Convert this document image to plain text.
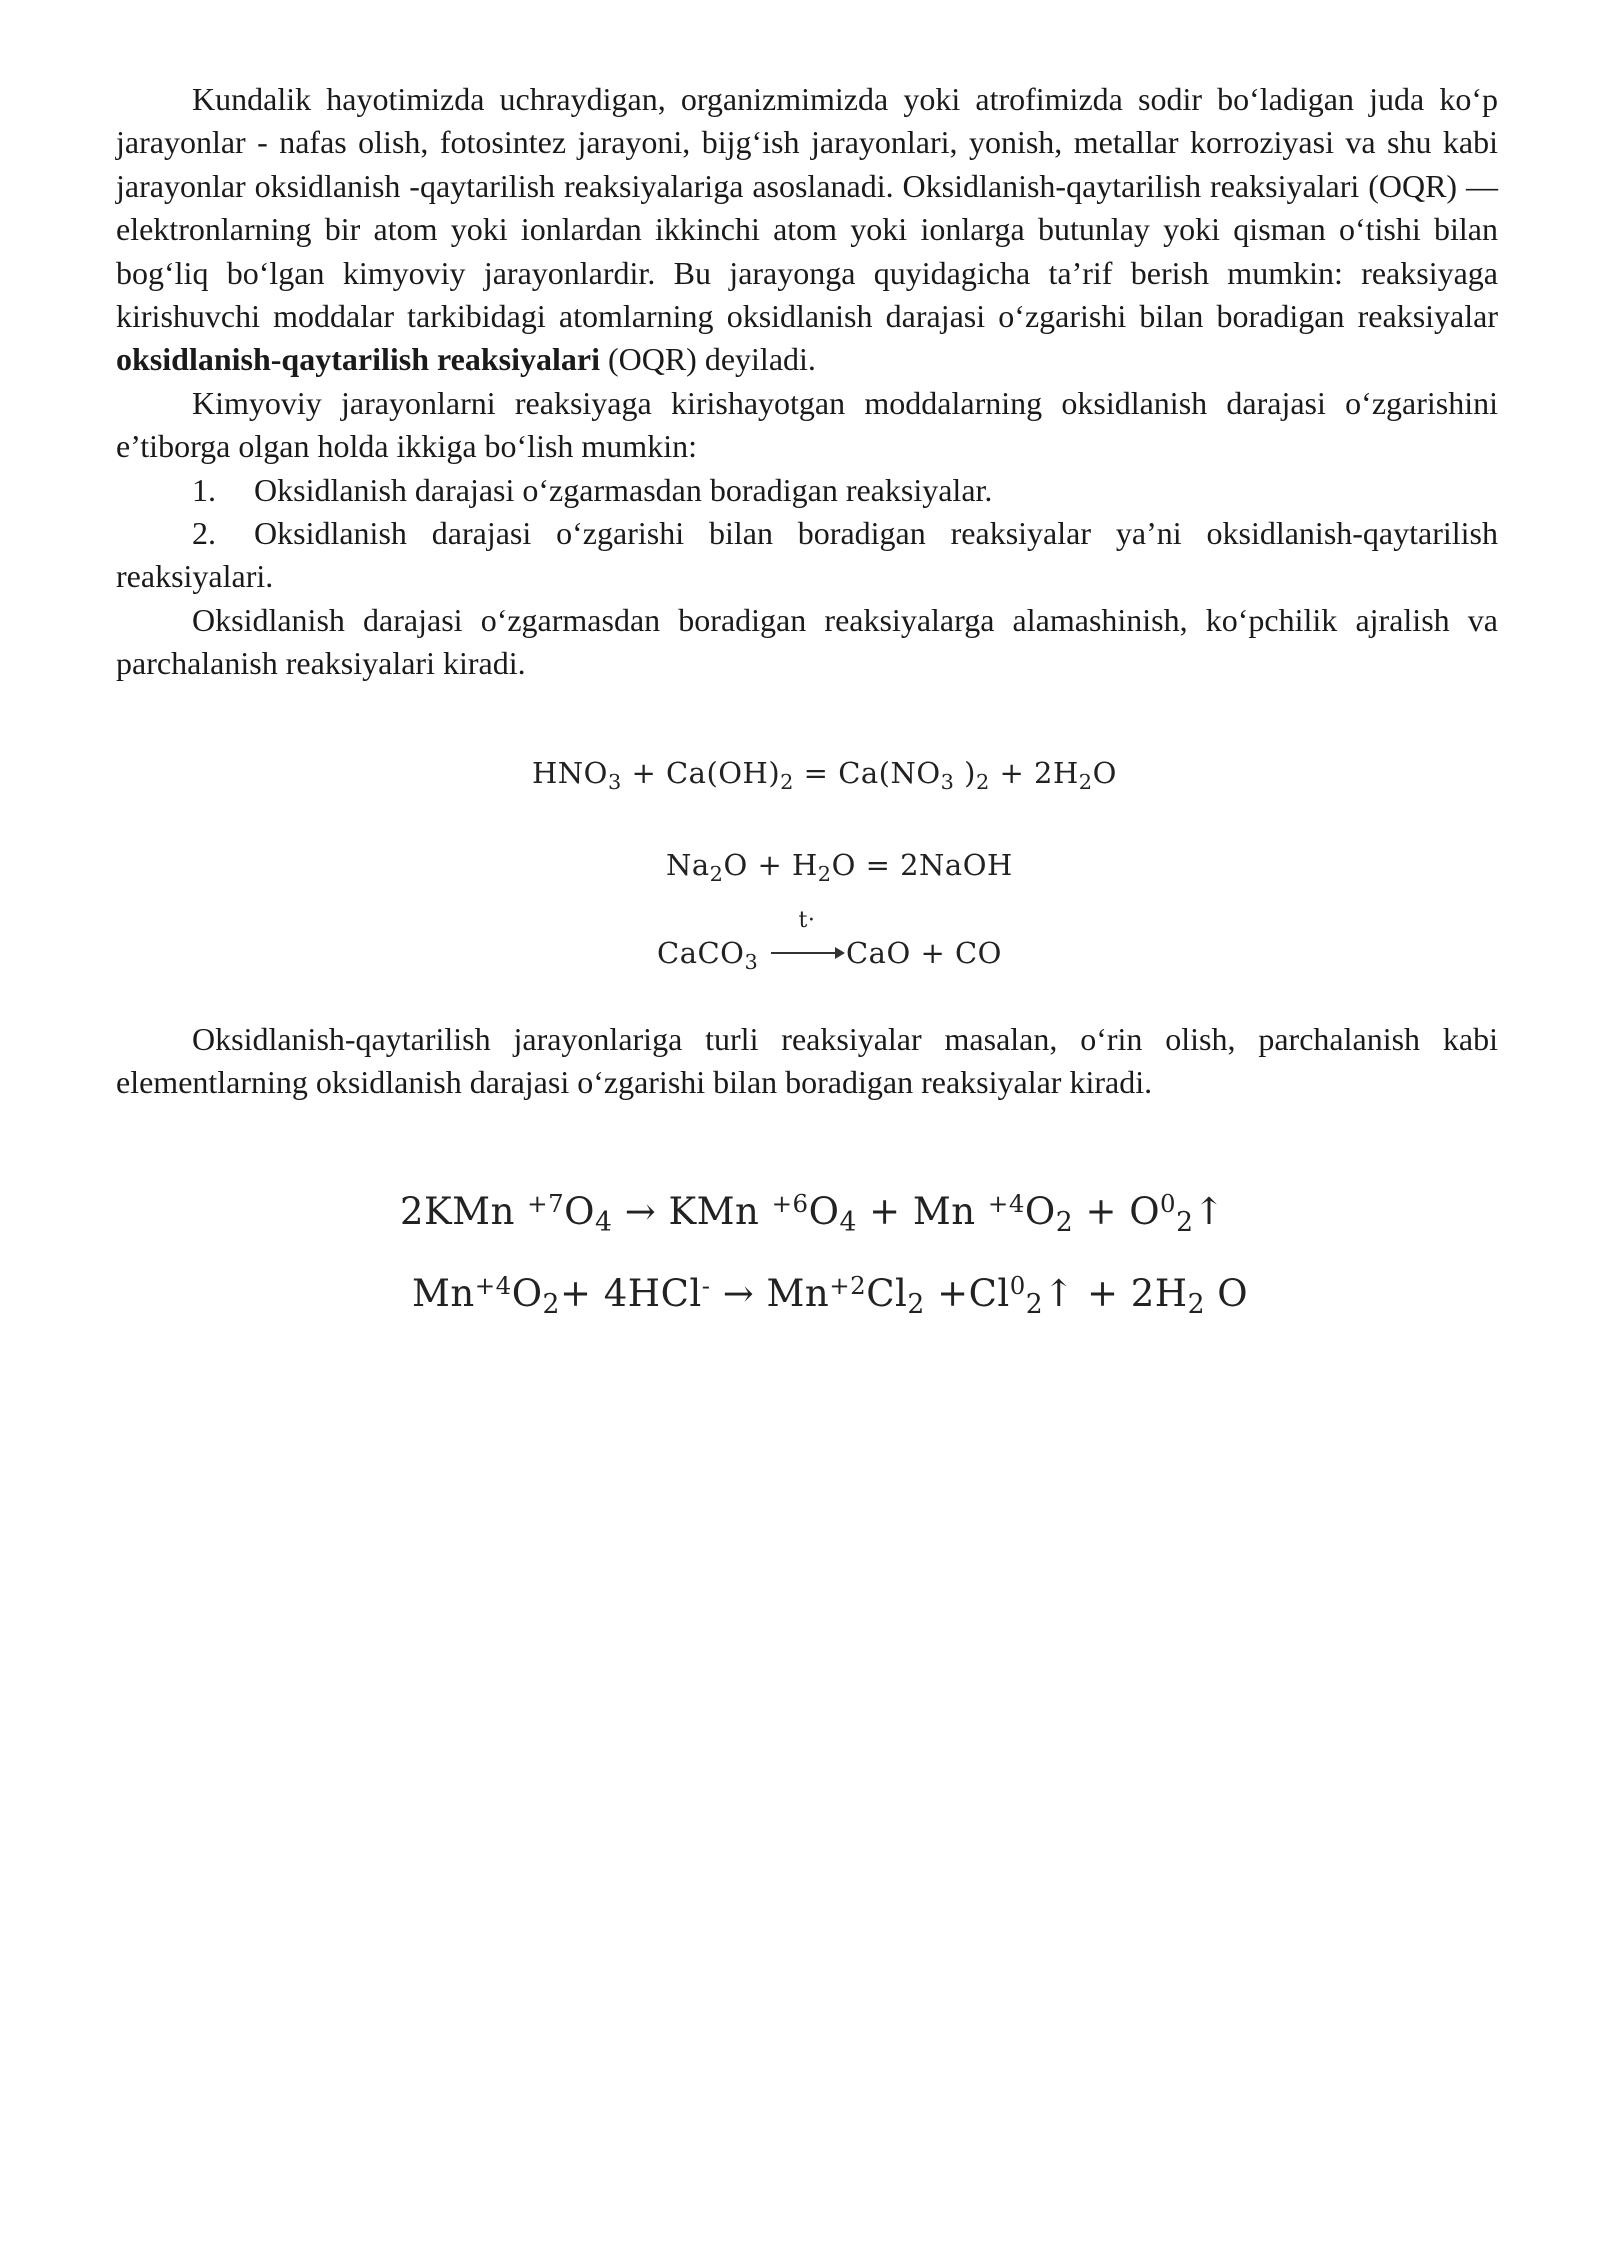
Kundalik hayotimizda uchraydigan, organizmimizda yoki atrofimizda sodir bo‘ladigan juda ko‘p jarayonlar - nafas olish, fotosintez jarayoni, bijg‘ish jarayonlari, yonish, metallar korroziyasi va shu kabi jarayonlar oksidlanish -qaytarilish reaksiyalariga asoslanadi. Oksidlanish-qaytarilish reaksiyalari (OQR) — elektronlarning bir atom yoki ionlardan ikkinchi atom yoki ionlarga butunlay yoki qisman o‘tishi bilan bog‘liq bo‘lgan kimyoviy jarayonlardir. Bu jarayonga quyidagicha ta’rif berish mumkin: reaksiyaga kirishuvchi moddalar tarkibidagi atomlarning oksidlanish darajasi o‘zgarishi bilan boradigan reaksiyalar oksidlanish-qaytarilish reaksiyalari (OQR) deyiladi.

Kimyoviy jarayonlarni reaksiyaga kirishayotgan moddalarning oksidlanish darajasi o‘zgarishini e’tiborga olgan holda ikkiga bo‘lish mumkin:

1. Oksidlanish darajasi o‘zgarmasdan boradigan reaksiyalar.

2. Oksidlanish darajasi o‘zgarishi bilan boradigan reaksiyalar ya’ni oksidlanish-qaytarilish reaksiyalari.

Oksidlanish darajasi o‘zgarmasdan boradigan reaksiyalarga alamashinish, ko‘pchilik ajralish va parchalanish reaksiyalari kiradi.

$HNO_3 + Ca(OH)_2 = Ca(NO_3$ )$_2 + 2H_2O$
$Na_2O + H_2O$ = 2NaOH
CaCO$_3$
t·
CaO + CO

Oksidlanish-qaytarilish jarayonlariga turli reaksiyalar masalan, o‘rin olish, parchalanish kabi elementlarning oksidlanish darajasi o‘zgarishi bilan boradigan reaksiyalar kiradi.

2KMn $^{+7}O_4$ → KMn $^{+6}O_4 + Mn$ $^{+4}O_2$ + $O^0_2↑$
$Mn^{+4}O_2+ 4HCl^- \to Mn^{+2}Cl_2$ $+Cl^0_2↑ + 2H_2$ O
